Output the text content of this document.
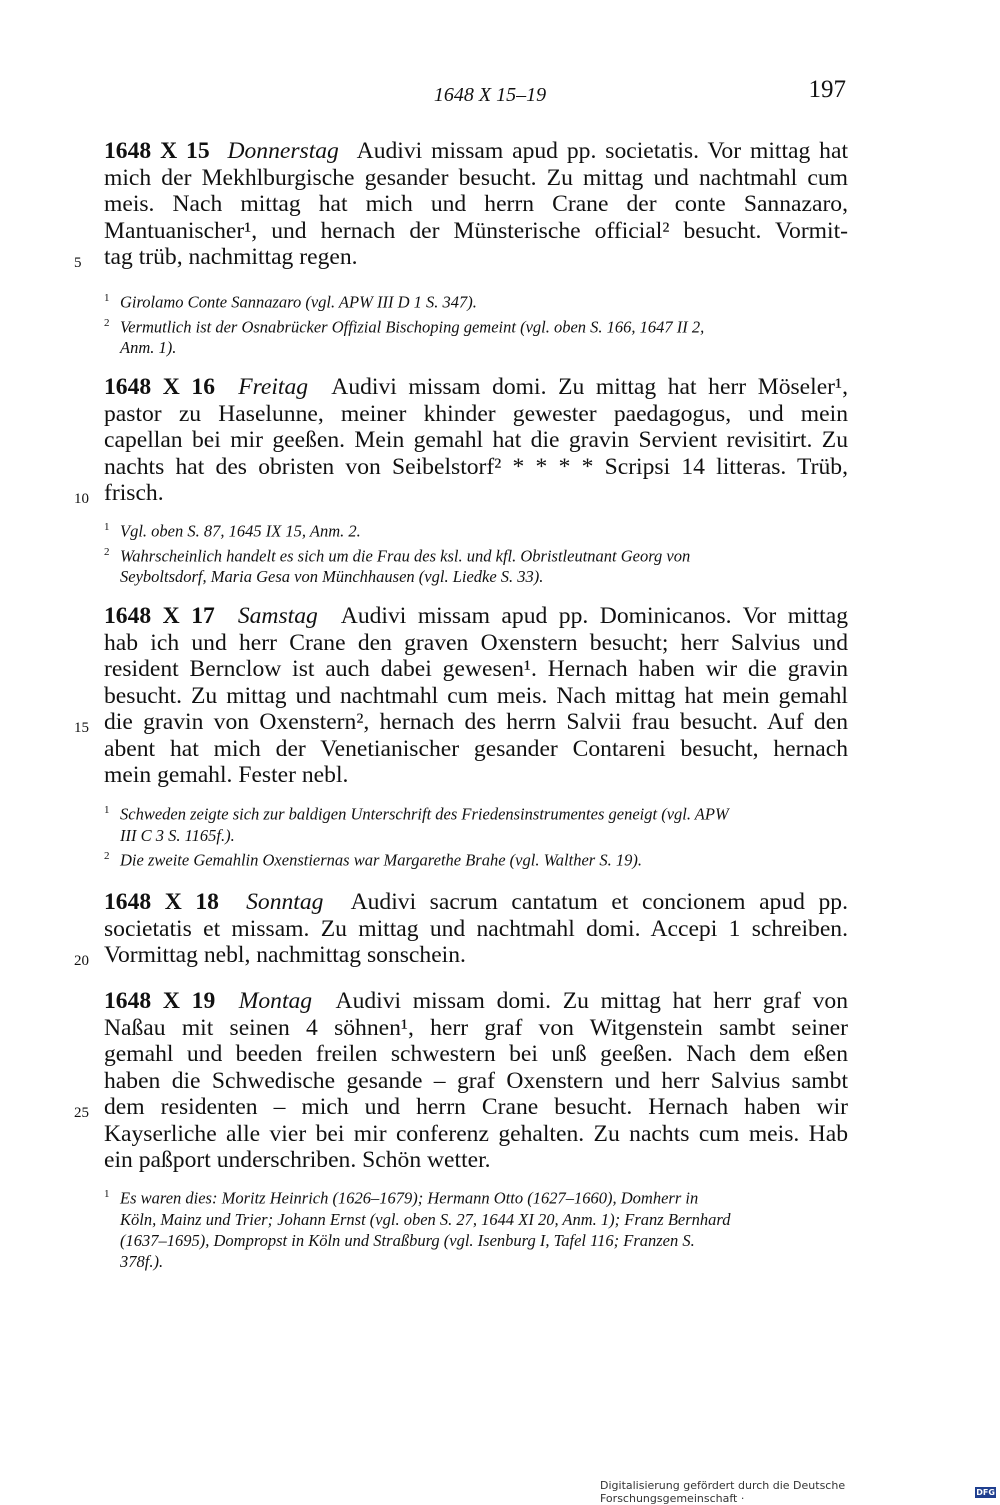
1648 X 15–19	197
1648 X 15 Donnerstag Audivi missam apud pp. societatis. Vor mittag hat
mich der Mekhlburgische gesander besucht. Zu mittag und nachtmahl cum
meis. Nach mittag hat mich und herrn Crane der conte Sannazaro,
Mantuanischer¹, und hernach der Münsterische official² besucht. Vormit-
5 tag trüb, nachmittag regen.
1 Girolamo Conte Sannazaro (vgl. APW III D 1 S. 347).
2 Vermutlich ist der Osnabrücker Offizial Bischoping gemeint (vgl. oben S. 166, 1647 II 2,
Anm. 1).
1648 X 16 Freitag Audivi missam domi. Zu mittag hat herr Möseler¹,
pastor zu Haselunne, meiner khinder gewester paedagogus, und mein
capellan bei mir geeßen. Mein gemahl hat die gravin Servient revisitirt. Zu
nachts hat des obristen von Seibelstorf² * * * * Scripsi 14 litteras. Trüb,
10 frisch.
1 Vgl. oben S. 87, 1645 IX 15, Anm. 2.
2 Wahrscheinlich handelt es sich um die Frau des ksl. und kfl. Obristleutnant Georg von
Seyboltsdorf, Maria Gesa von Münchhausen (vgl. Liedke S. 33).
1648 X 17 Samstag Audivi missam apud pp. Dominicanos. Vor mittag
hab ich und herr Crane den graven Oxenstern besucht; herr Salvius und
resident Bernclow ist auch dabei gewesen¹. Hernach haben wir die gravin
besucht. Zu mittag und nachtmahl cum meis. Nach mittag hat mein gemahl
15 die gravin von Oxenstern², hernach des herrn Salvii frau besucht. Auf den
abent hat mich der Venetianischer gesander Contareni besucht, hernach
mein gemahl. Fester nebl.
1 Schweden zeigte sich zur baldigen Unterschrift des Friedensinstrumentes geneigt (vgl. APW
III C 3 S. 1165f.).
2 Die zweite Gemahlin Oxenstiernas war Margarethe Brahe (vgl. Walther S. 19).
1648 X 18 Sonntag Audivi sacrum cantatum et concionem apud pp.
societatis et missam. Zu mittag und nachtmahl domi. Accepi 1 schreiben.
20 Vormittag nebl, nachmittag sonschein.
1648 X 19 Montag Audivi missam domi. Zu mittag hat herr graf von
Naßau mit seinen 4 söhnen¹, herr graf von Witgenstein sambt seiner
gemahl und beeden freilen schwestern bei unß geeßen. Nach dem eßen
haben die Schwedische gesande – graf Oxenstern und herr Salvius sambt
25 dem residenten – mich und herrn Crane besucht. Hernach haben wir
Kayserliche alle vier bei mir conferenz gehalten. Zu nachts cum meis. Hab
ein paßport underschriben. Schön wetter.
1 Es waren dies: Moritz Heinrich (1626–1679); Hermann Otto (1627–1660), Domherr in
Köln, Mainz und Trier; Johann Ernst (vgl. oben S. 27, 1644 XI 20, Anm. 1); Franz Bernhard
(1637–1695), Dompropst in Köln und Straßburg (vgl. Isenburg I, Tafel 116; Franzen S.
378f.).
Digitalisierung gefördert durch die Deutsche Forschungsgemeinschaft ·	DFG
